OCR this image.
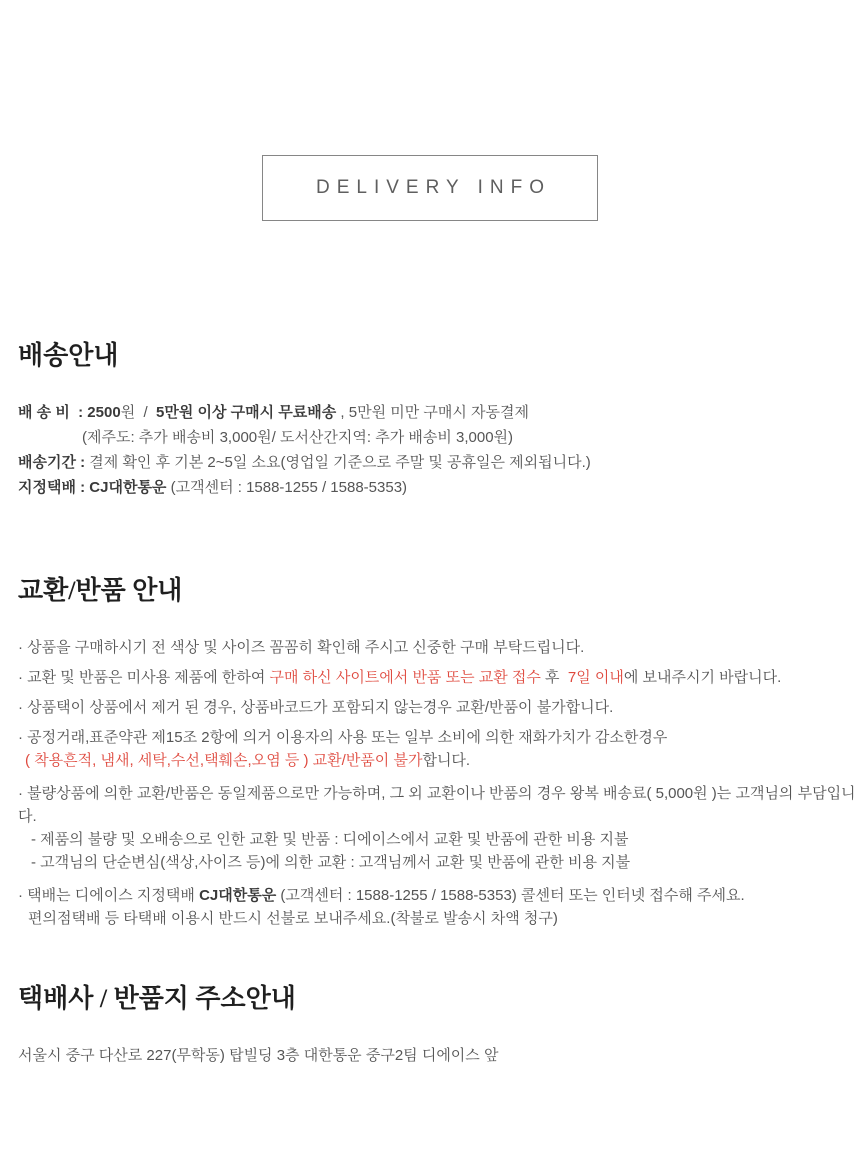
DELIVERY INFO
배송안내
배 송 비  : 2500원  /  5만원 이상 구매시 무료배송 , 5만원 미만 구매시 자동결제
(제주도: 추가 배송비 3,000원/ 도서산간지역: 추가 배송비 3,000원)
배송기간 : 결제 확인 후 기본 2~5일 소요(영업일 기준으로 주말 및 공휴일은 제외됩니다.)
지정택배 : CJ대한통운 (고객센터 : 1588-1255 / 1588-5353)
교환/반품 안내
· 상품을 구매하시기 전 색상 및 사이즈 꼼꼼히 확인해 주시고 신중한 구매 부탁드립니다.
· 교환 및 반품은 미사용 제품에 한하여 구매 하신 사이트에서 반품 또는 교환 접수 후  7일 이내에 보내주시기 바랍니다.
· 상품택이 상품에서 제거 된 경우, 상품바코드가 포함되지 않는경우 교환/반품이 불가합니다.
· 공정거래,표준약관 제15조 2항에 의거 이용자의 사용 또는 일부 소비에 의한 재화가치가 감소한경우
( 착용흔적, 냄새, 세탁,수선,택훼손,오염 등 ) 교환/반품이 불가합니다.
· 불량상품에 의한 교환/반품은 동일제품으로만 가능하며, 그 외 교환이나 반품의 경우 왕복 배송료( 5,000원 )는 고객님의 부담입니다.
- 제품의 불량 및 오배송으로 인한 교환 및 반품 : 디에이스에서 교환 및 반품에 관한 비용 지불
- 고객님의 단순변심(색상,사이즈 등)에 의한 교환 : 고객님께서 교환 및 반품에 관한 비용 지불
· 택배는 디에이스 지정택배 CJ대한통운 (고객센터 : 1588-1255 / 1588-5353) 콜센터 또는 인터넷 접수해 주세요.
편의점택배 등 타택배 이용시 반드시 선불로 보내주세요.(착불로 발송시 차액 청구)
택배사 / 반품지 주소안내
서울시 중구 다산로 227(무학동) 탑빌딩 3층 대한통운 중구2팀 디에이스 앞
